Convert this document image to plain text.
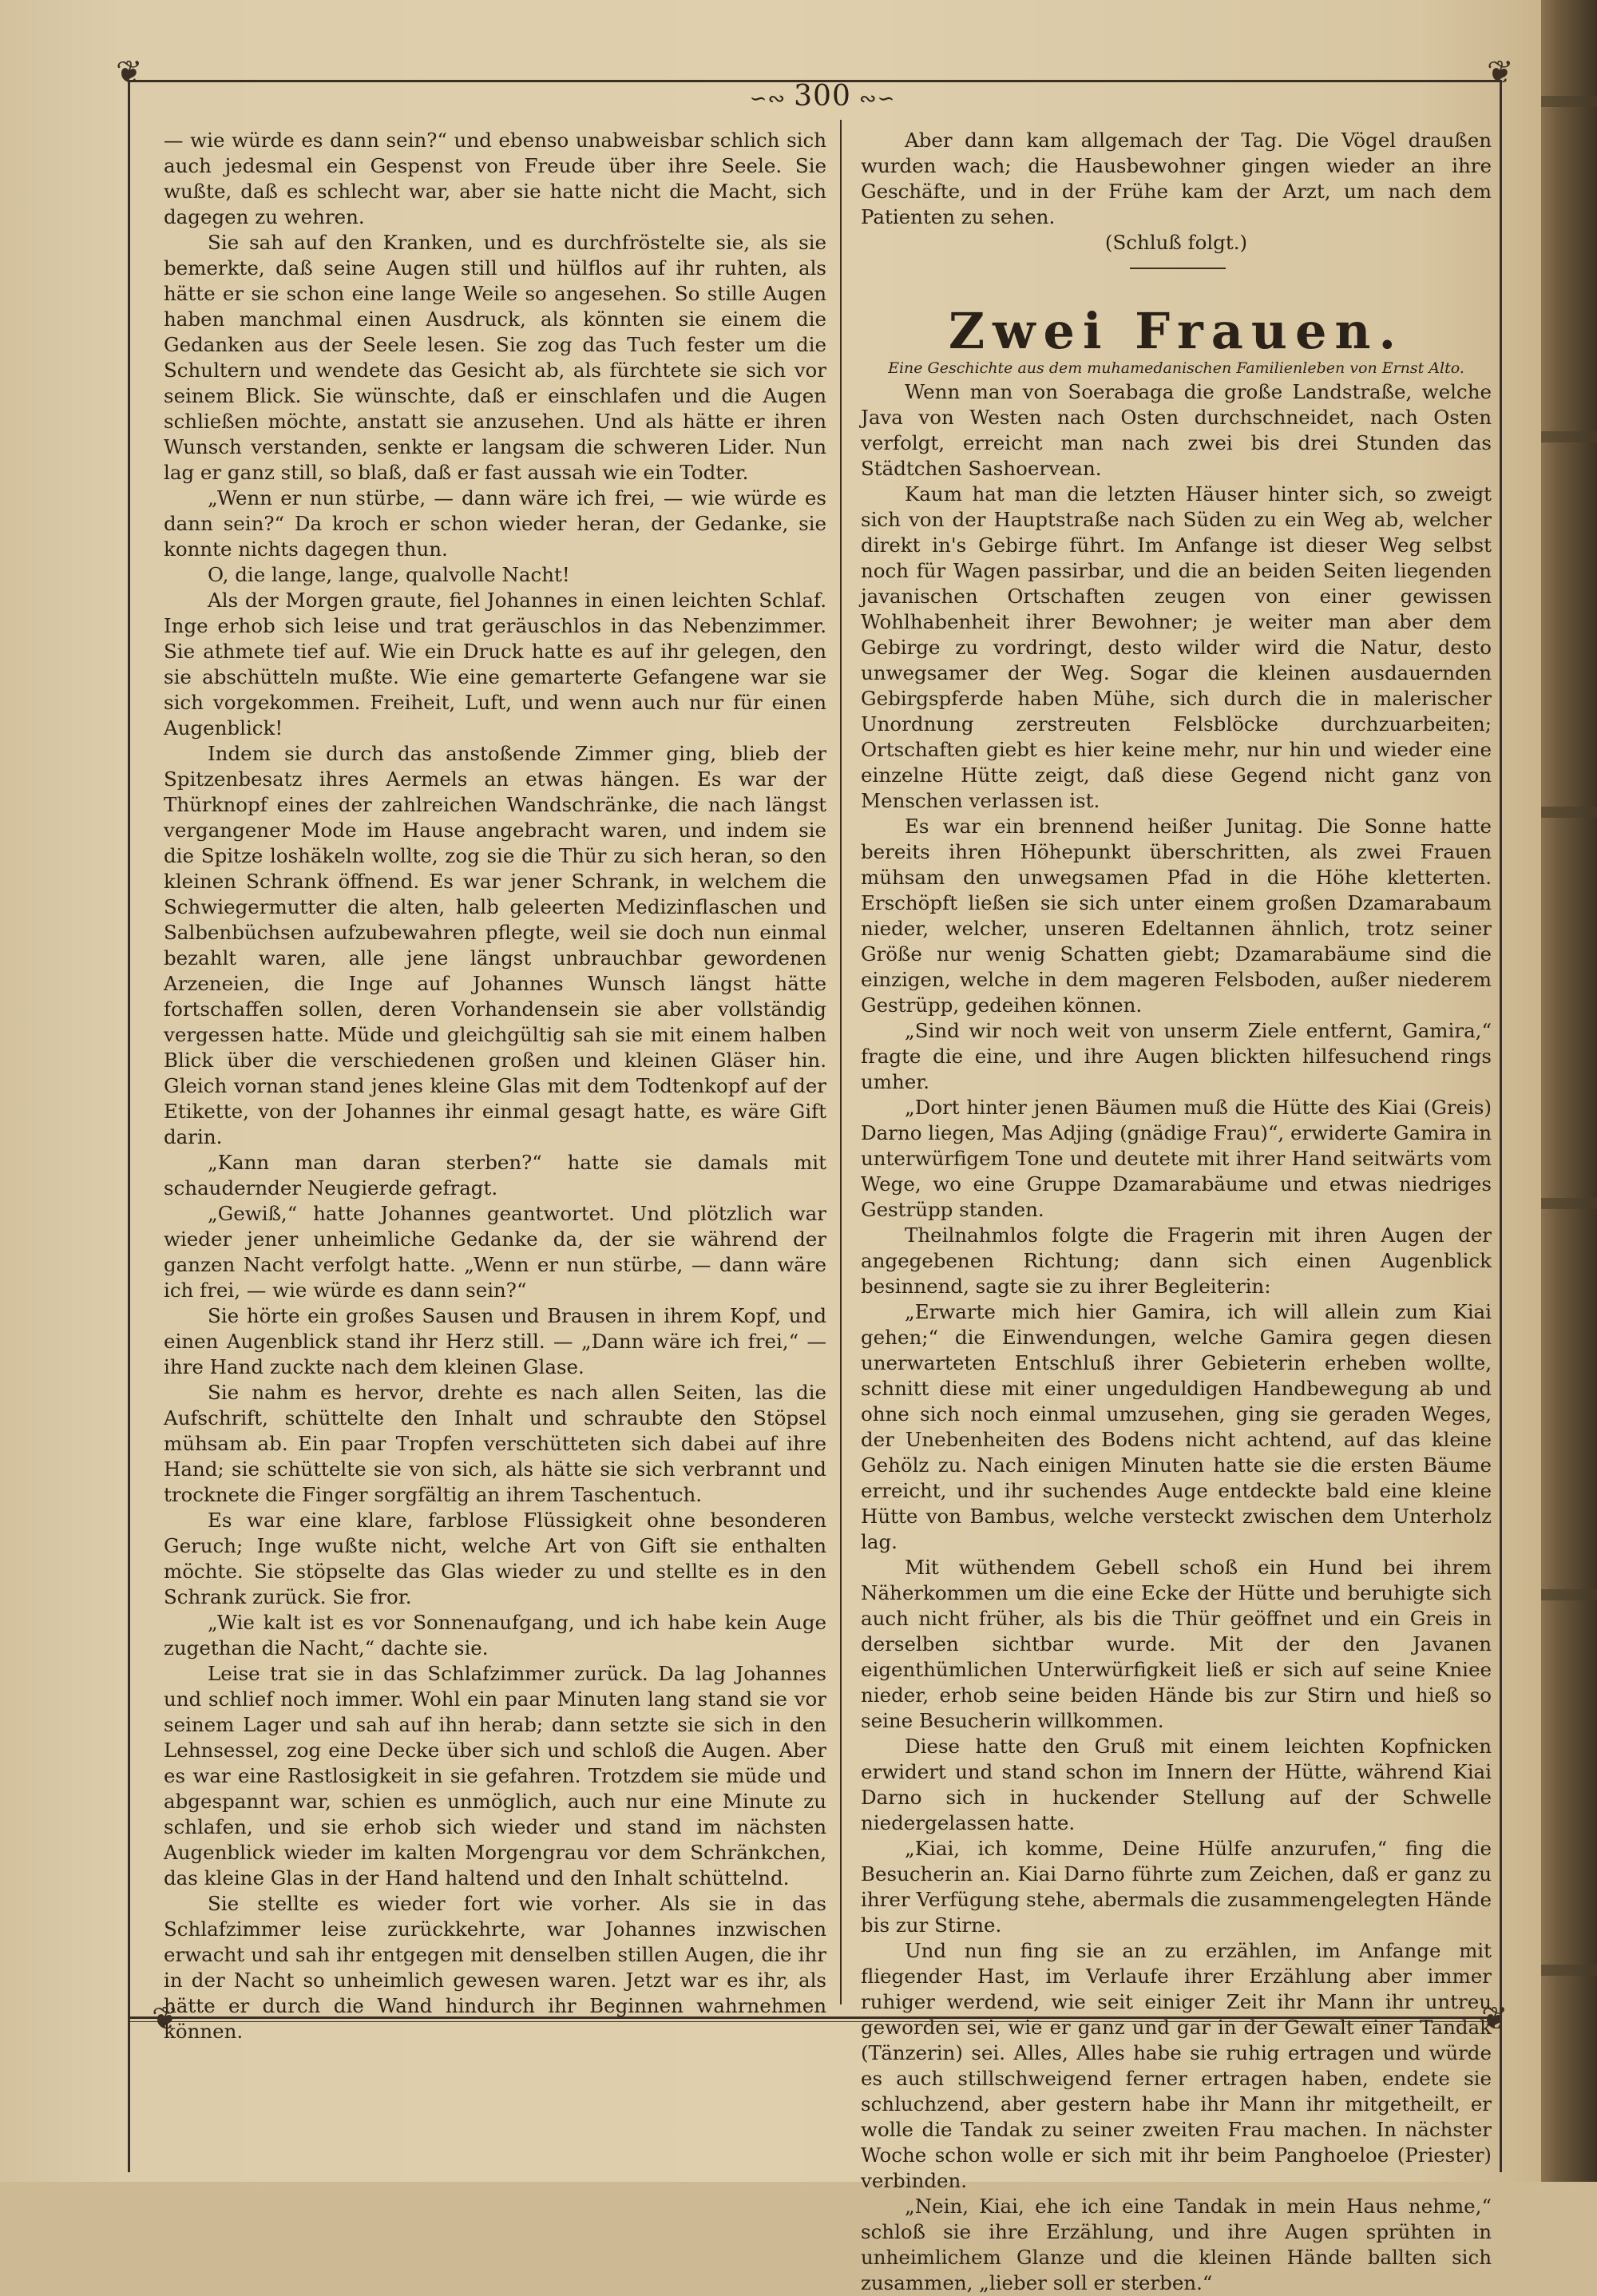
❦	❦
❦	❦
∽∾ 300 ∾∽

— wie würde es dann sein?“ und ebenso unabweisbar schlich sich auch jedesmal ein Gespenst von Freude über ihre Seele. Sie wußte, daß es schlecht war, aber sie hatte nicht die Macht, sich dagegen zu wehren.

Sie sah auf den Kranken, und es durchfröstelte sie, als sie bemerkte, daß seine Augen still und hülflos auf ihr ruhten, als hätte er sie schon eine lange Weile so angesehen. So stille Augen haben manchmal einen Ausdruck, als könnten sie einem die Gedanken aus der Seele lesen. Sie zog das Tuch fester um die Schultern und wendete das Gesicht ab, als fürchtete sie sich vor seinem Blick. Sie wünschte, daß er einschlafen und die Augen schließen möchte, anstatt sie anzusehen. Und als hätte er ihren Wunsch verstanden, senkte er langsam die schweren Lider. Nun lag er ganz still, so blaß, daß er fast aussah wie ein Todter.

„Wenn er nun stürbe, — dann wäre ich frei, — wie würde es dann sein?“ Da kroch er schon wieder heran, der Gedanke, sie konnte nichts dagegen thun.

O, die lange, lange, qualvolle Nacht!

Als der Morgen graute, fiel Johannes in einen leichten Schlaf. Inge erhob sich leise und trat geräuschlos in das Nebenzimmer. Sie athmete tief auf. Wie ein Druck hatte es auf ihr gelegen, den sie abschütteln mußte. Wie eine gemarterte Gefangene war sie sich vorgekommen. Freiheit, Luft, und wenn auch nur für einen Augenblick!

Indem sie durch das anstoßende Zimmer ging, blieb der Spitzenbesatz ihres Aermels an etwas hängen. Es war der Thürknopf eines der zahlreichen Wandschränke, die nach längst vergangener Mode im Hause angebracht waren, und indem sie die Spitze loshäkeln wollte, zog sie die Thür zu sich heran, so den kleinen Schrank öffnend. Es war jener Schrank, in welchem die Schwiegermutter die alten, halb geleerten Medizinflaschen und Salbenbüchsen aufzubewahren pflegte, weil sie doch nun einmal bezahlt waren, alle jene längst unbrauchbar gewordenen Arzeneien, die Inge auf Johannes Wunsch längst hätte fortschaffen sollen, deren Vorhandensein sie aber vollständig vergessen hatte. Müde und gleichgültig sah sie mit einem halben Blick über die verschiedenen großen und kleinen Gläser hin. Gleich vornan stand jenes kleine Glas mit dem Todtenkopf auf der Etikette, von der Johannes ihr einmal gesagt hatte, es wäre Gift darin.

„Kann man daran sterben?“ hatte sie damals mit schaudernder Neugierde gefragt.

„Gewiß,“ hatte Johannes geantwortet. Und plötzlich war wieder jener unheimliche Gedanke da, der sie während der ganzen Nacht verfolgt hatte. „Wenn er nun stürbe, — dann wäre ich frei, — wie würde es dann sein?“

Sie hörte ein großes Sausen und Brausen in ihrem Kopf, und einen Augenblick stand ihr Herz still. — „Dann wäre ich frei,“ — ihre Hand zuckte nach dem kleinen Glase.

Sie nahm es hervor, drehte es nach allen Seiten, las die Aufschrift, schüttelte den Inhalt und schraubte den Stöpsel mühsam ab. Ein paar Tropfen verschütteten sich dabei auf ihre Hand; sie schüttelte sie von sich, als hätte sie sich verbrannt und trocknete die Finger sorgfältig an ihrem Taschentuch.

Es war eine klare, farblose Flüssigkeit ohne besonderen Geruch; Inge wußte nicht, welche Art von Gift sie enthalten möchte. Sie stöpselte das Glas wieder zu und stellte es in den Schrank zurück. Sie fror.

„Wie kalt ist es vor Sonnenaufgang, und ich habe kein Auge zugethan die Nacht,“ dachte sie.

Leise trat sie in das Schlafzimmer zurück. Da lag Johannes und schlief noch immer. Wohl ein paar Minuten lang stand sie vor seinem Lager und sah auf ihn herab; dann setzte sie sich in den Lehnsessel, zog eine Decke über sich und schloß die Augen. Aber es war eine Rastlosigkeit in sie gefahren. Trotzdem sie müde und abgespannt war, schien es unmöglich, auch nur eine Minute zu schlafen, und sie erhob sich wieder und stand im nächsten Augenblick wieder im kalten Morgengrau vor dem Schränkchen, das kleine Glas in der Hand haltend und den Inhalt schüttelnd.

Sie stellte es wieder fort wie vorher. Als sie in das Schlafzimmer leise zurückkehrte, war Johannes inzwischen erwacht und sah ihr entgegen mit denselben stillen Augen, die ihr in der Nacht so unheimlich gewesen waren. Jetzt war es ihr, als hätte er durch die Wand hindurch ihr Beginnen wahrnehmen können.

Aber dann kam allgemach der Tag. Die Vögel draußen wurden wach; die Hausbewohner gingen wieder an ihre Geschäfte, und in der Frühe kam der Arzt, um nach dem Patienten zu sehen.

(Schluß folgt.)

Zwei Frauen.
Eine Geschichte aus dem muhamedanischen Familienleben von Ernst Alto.

Wenn man von Soerabaga die große Landstraße, welche Java von Westen nach Osten durchschneidet, nach Osten verfolgt, erreicht man nach zwei bis drei Stunden das Städtchen Sashoervean.

Kaum hat man die letzten Häuser hinter sich, so zweigt sich von der Hauptstraße nach Süden zu ein Weg ab, welcher direkt in's Gebirge führt. Im Anfange ist dieser Weg selbst noch für Wagen passirbar, und die an beiden Seiten liegenden javanischen Ortschaften zeugen von einer gewissen Wohlhabenheit ihrer Bewohner; je weiter man aber dem Gebirge zu vordringt, desto wilder wird die Natur, desto unwegsamer der Weg. Sogar die kleinen ausdauernden Gebirgspferde haben Mühe, sich durch die in malerischer Unordnung zerstreuten Felsblöcke durchzuarbeiten; Ortschaften giebt es hier keine mehr, nur hin und wieder eine einzelne Hütte zeigt, daß diese Gegend nicht ganz von Menschen verlassen ist.

Es war ein brennend heißer Junitag. Die Sonne hatte bereits ihren Höhepunkt überschritten, als zwei Frauen mühsam den unwegsamen Pfad in die Höhe kletterten. Erschöpft ließen sie sich unter einem großen Dzamarabaum nieder, welcher, unseren Edeltannen ähnlich, trotz seiner Größe nur wenig Schatten giebt; Dzamarabäume sind die einzigen, welche in dem mageren Felsboden, außer niederem Gestrüpp, gedeihen können.

„Sind wir noch weit von unserm Ziele entfernt, Gamira,“ fragte die eine, und ihre Augen blickten hilfesuchend rings umher.

„Dort hinter jenen Bäumen muß die Hütte des Kiai (Greis) Darno liegen, Mas Adjing (gnädige Frau)“, erwiderte Gamira in unterwürfigem Tone und deutete mit ihrer Hand seitwärts vom Wege, wo eine Gruppe Dzamarabäume und etwas niedriges Gestrüpp standen.

Theilnahmlos folgte die Fragerin mit ihren Augen der angegebenen Richtung; dann sich einen Augenblick besinnend, sagte sie zu ihrer Begleiterin:

„Erwarte mich hier Gamira, ich will allein zum Kiai gehen;“ die Einwendungen, welche Gamira gegen diesen unerwarteten Entschluß ihrer Gebieterin erheben wollte, schnitt diese mit einer ungeduldigen Handbewegung ab und ohne sich noch einmal umzusehen, ging sie geraden Weges, der Unebenheiten des Bodens nicht achtend, auf das kleine Gehölz zu. Nach einigen Minuten hatte sie die ersten Bäume erreicht, und ihr suchendes Auge entdeckte bald eine kleine Hütte von Bambus, welche versteckt zwischen dem Unterholz lag.

Mit wüthendem Gebell schoß ein Hund bei ihrem Näherkommen um die eine Ecke der Hütte und beruhigte sich auch nicht früher, als bis die Thür geöffnet und ein Greis in derselben sichtbar wurde. Mit der den Javanen eigenthümlichen Unterwürfigkeit ließ er sich auf seine Kniee nieder, erhob seine beiden Hände bis zur Stirn und hieß so seine Besucherin willkommen.

Diese hatte den Gruß mit einem leichten Kopfnicken erwidert und stand schon im Innern der Hütte, während Kiai Darno sich in huckender Stellung auf der Schwelle niedergelassen hatte.

„Kiai, ich komme, Deine Hülfe anzurufen,“ fing die Besucherin an. Kiai Darno führte zum Zeichen, daß er ganz zu ihrer Verfügung stehe, abermals die zusammengelegten Hände bis zur Stirne.

Und nun fing sie an zu erzählen, im Anfange mit fliegender Hast, im Verlaufe ihrer Erzählung aber immer ruhiger werdend, wie seit einiger Zeit ihr Mann ihr untreu geworden sei, wie er ganz und gar in der Gewalt einer Tandak (Tänzerin) sei. Alles, Alles habe sie ruhig ertragen und würde es auch stillschweigend ferner ertragen haben, endete sie schluchzend, aber gestern habe ihr Mann ihr mitgetheilt, er wolle die Tandak zu seiner zweiten Frau machen. In nächster Woche schon wolle er sich mit ihr beim Panghoeloe (Priester) verbinden.

„Nein, Kiai, ehe ich eine Tandak in mein Haus nehme,“ schloß sie ihre Erzählung, und ihre Augen sprühten in unheimlichem Glanze und die kleinen Hände ballten sich zusammen, „lieber soll er sterben.“
